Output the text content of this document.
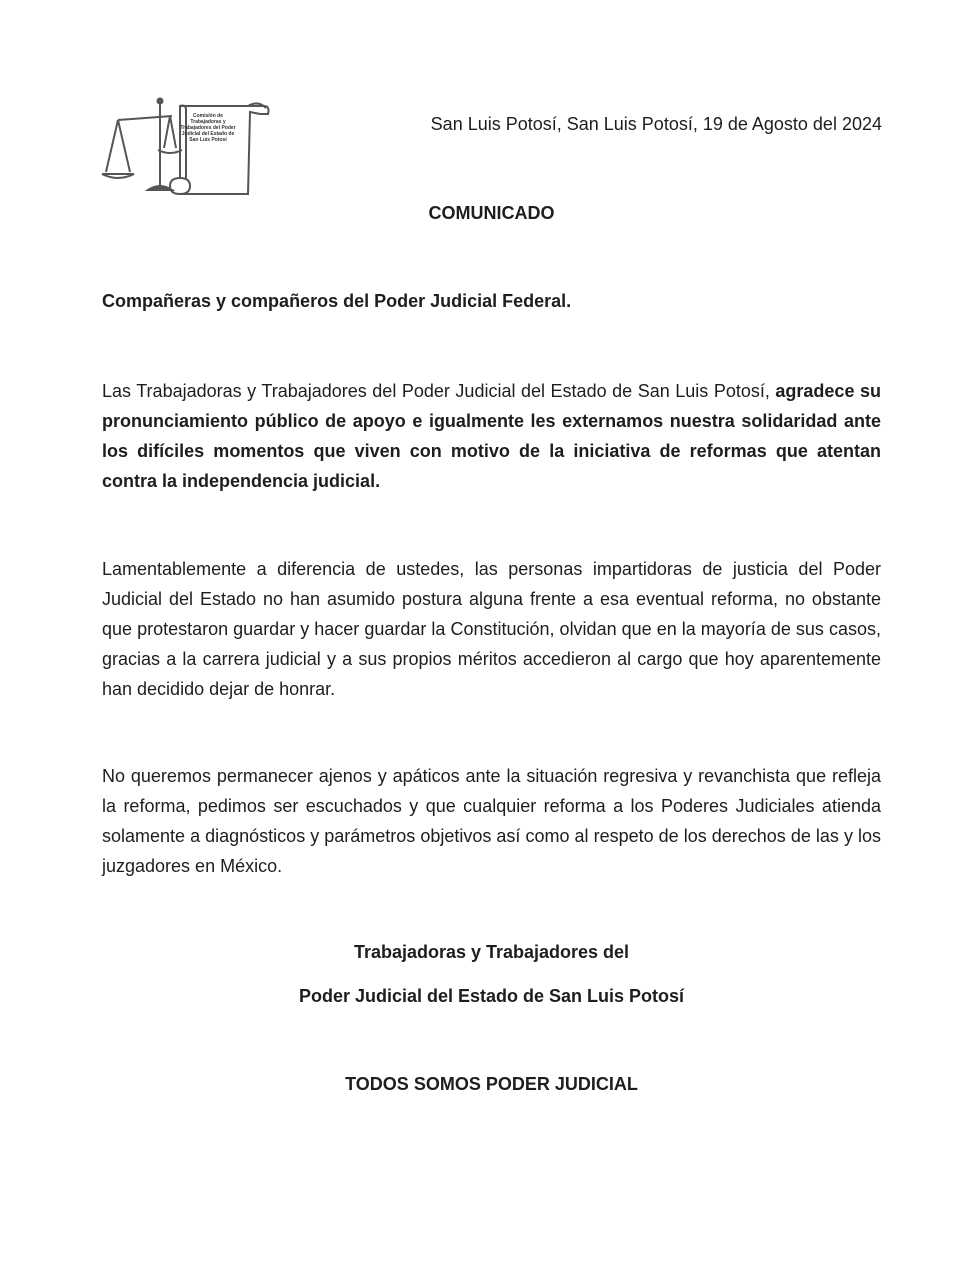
Comisión de Trabajadoras y Trabajadores del Poder Judicial del Estado de San Luis Potosí
San Luis Potosí, San Luis Potosí, 19 de Agosto del 2024
COMUNICADO
Compañeras y compañeros del Poder Judicial Federal.

Las Trabajadoras y Trabajadores del Poder Judicial del Estado de San Luis Potosí, agradece su pronunciamiento público de apoyo e igualmente les externamos nuestra solidaridad ante los difíciles momentos que viven con motivo de la iniciativa de reformas que atentan contra la independencia judicial.

Lamentablemente a diferencia de ustedes, las personas impartidoras de justicia del Poder Judicial del Estado no han asumido postura alguna frente a esa eventual reforma, no obstante que protestaron guardar y hacer guardar la Constitución, olvidan que en la mayoría de sus casos, gracias a la carrera judicial y a sus propios méritos accedieron al cargo que hoy aparentemente han decidido dejar de honrar.

No queremos permanecer ajenos y apáticos ante la situación regresiva y revanchista que refleja la reforma, pedimos ser escuchados y que cualquier reforma a los Poderes Judiciales atienda solamente a diagnósticos y parámetros objetivos así como al respeto de los derechos de las y los juzgadores en México.

Trabajadoras y Trabajadores del
Poder Judicial del Estado de San Luis Potosí
TODOS SOMOS PODER JUDICIAL
